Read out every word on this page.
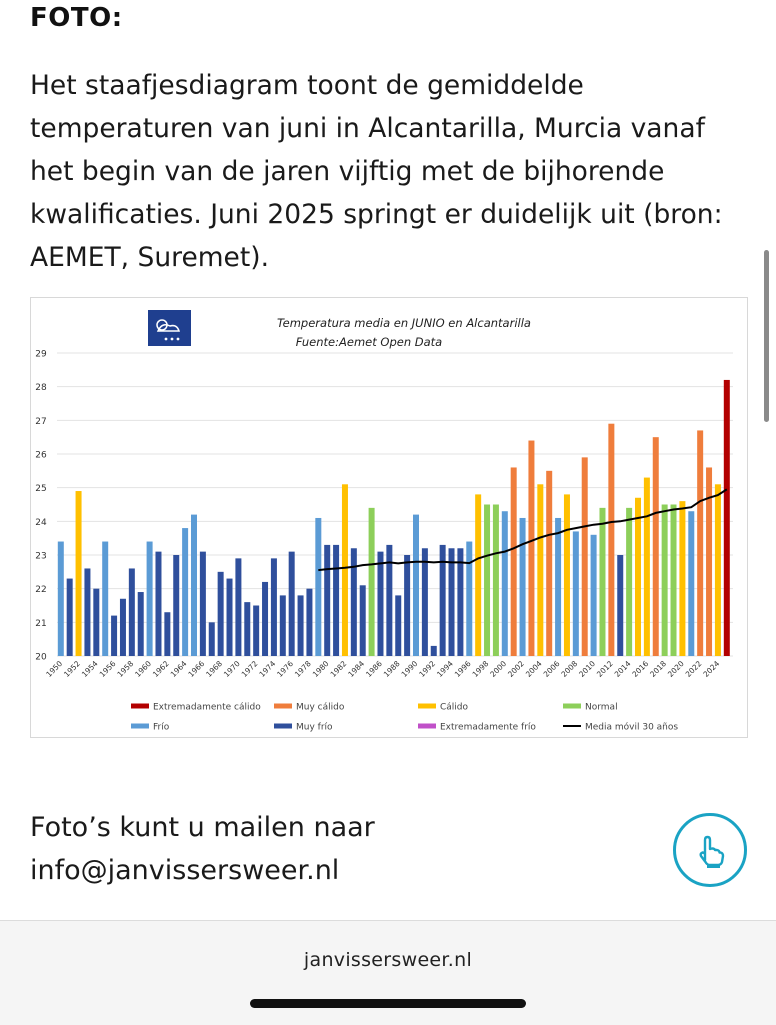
FOTO:
Het staafjesdiagram toont de gemiddelde temperaturen van juni in Alcantarilla, Murcia vanaf het begin van de jaren vijftig met de bijhorende kwalificaties. Juni 2025 springt er duidelijk uit (bron: AEMET, Suremet).
Temperatura media en JUNIO en Alcantarilla
Fuente:Aemet Open Data
20
21
22
23
24
25
26
27
28
29
1950
1952
1954
1956
1958
1960
1962
1964
1966
1968
1970
1972
1974
1976
1978
1980
1982
1984
1986
1988
1990
1992
1994
1996
1998
2000
2002
2004
2006
2008
2010
2012
2014
2016
2018
2020
2022
2024
Extremadamente cálido	Muy cálido	Cálido	Normal
Frío	Muy frío	Extremadamente frío	Media móvil 30 años
Foto’s kunt u mailen naar
info@janvissersweer.nl
janvissersweer.nl
